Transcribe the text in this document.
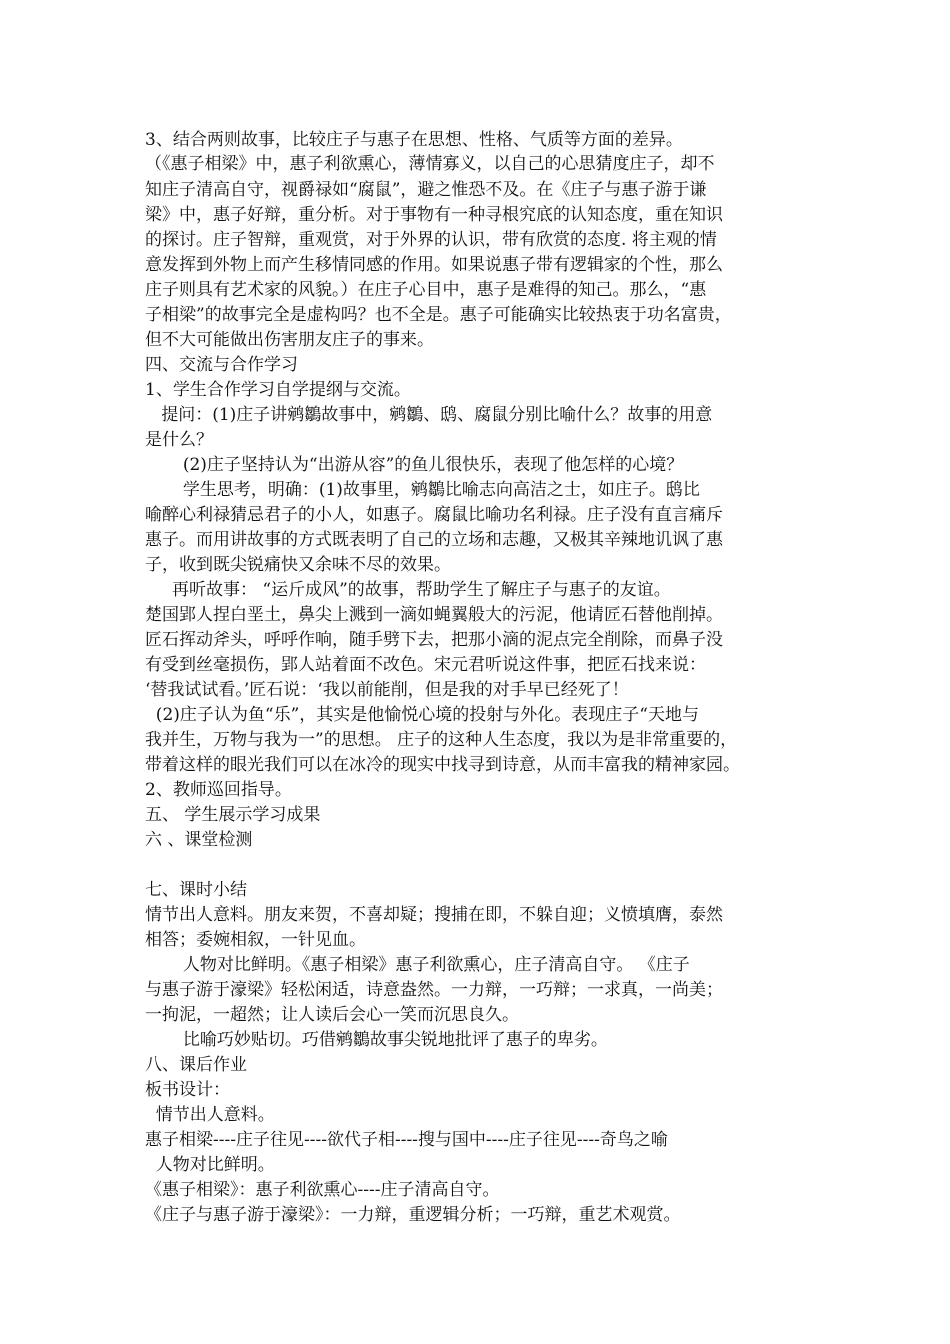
3、结合两则故事，比较庄子与惠子在思想、性格、气质等方面的差异。
（《惠子相梁》中，惠子利欲熏心，薄情寡义，以自己的心思猜度庄子，却不
知庄子清高自守，视爵禄如“腐鼠”，避之惟恐不及。在《庄子与惠子游于谦
梁》中，惠子好辩，重分析。对于事物有一种寻根究底的认知态度，重在知识
的探讨。庄子智辩，重观赏，对于外界的认识，带有欣赏的态度. 将主观的情
意发挥到外物上而产生移情同感的作用。如果说惠子带有逻辑家的个性，那么
庄子则具有艺术家的风貌。）在庄子心目中，惠子是难得的知己。那么，“惠
子相梁”的故事完全是虚构吗？也不全是。惠子可能确实比较热衷于功名富贵，
但不大可能做出伤害朋友庄子的事来。
四、交流与合作学习
1、学生合作学习自学提纲与交流。
提问：(1)庄子讲鹓鶵故事中，鹓鶵、鸱、腐鼠分别比喻什么？故事的用意
是什么？
(2)庄子坚持认为“出游从容”的鱼儿很快乐，表现了他怎样的心境？
学生思考，明确：(1)故事里，鹓鶵比喻志向高洁之士，如庄子。鸱比
喻醉心利禄猜忌君子的小人，如惠子。腐鼠比喻功名利禄。庄子没有直言痛斥
惠子。而用讲故事的方式既表明了自己的立场和志趣，又极其辛辣地讥讽了惠
子，收到既尖锐痛快又余味不尽的效果。
再听故事： “运斤成风”的故事，帮助学生了解庄子与惠子的友谊。
楚国郢人捏白垩土，鼻尖上溅到一滴如蝇翼般大的污泥，他请匠石替他削掉。
匠石挥动斧头，呼呼作响，随手劈下去，把那小滴的泥点完全削除，而鼻子没
有受到丝毫损伤，郢人站着面不改色。宋元君听说这件事，把匠石找来说：
‘替我试试看。’匠石说：‘我以前能削，但是我的对手早已经死了！
(2)庄子认为鱼“乐”，其实是他愉悦心境的投射与外化。表现庄子“天地与
我并生，万物与我为一”的思想。 庄子的这种人生态度，我以为是非常重要的，
带着这样的眼光我们可以在冰冷的现实中找寻到诗意，从而丰富我的精神家园。
2、教师巡回指导。
五、 学生展示学习成果
六 、课堂检测
七、课时小结
情节出人意料。朋友来贺，不喜却疑；搜捕在即，不躲自迎；义愤填膺，泰然
相答；委婉相叙，一针见血。
人物对比鲜明。《惠子相梁》惠子利欲熏心，庄子清高自守。 《庄子
与惠子游于濠梁》轻松闲适，诗意盎然。一力辩，一巧辩；一求真，一尚美；
一拘泥，一超然；让人读后会心一笑而沉思良久。
比喻巧妙贴切。巧借鹓鶵故事尖锐地批评了惠子的卑劣。
八、课后作业
板书设计：
情节出人意料。
惠子相梁----庄子往见----欲代子相----搜与国中----庄子往见----奇鸟之喻
人物对比鲜明。
《惠子相梁》：惠子利欲熏心----庄子清高自守。
《庄子与惠子游于濠梁》：一力辩，重逻辑分析；一巧辩，重艺术观赏。
